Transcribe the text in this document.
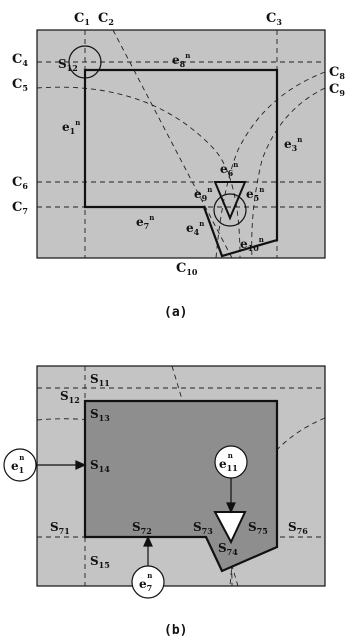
$C_1$ $C_2$	$C_3$
$C_4$
$C_5$
$C_6$
$C_7$
$C_8$
$C_9$
$C_{10}$
$e_8^n$
$e_1^n$
$e_3^n$
$e_6^n$
$e_9^n$	$e_5^n$
$e_7^n$
$e_4^n$
$e_{10}^n$
$S_{12}$
(a)
$S_{11}$
$S_{12}$
$S_{13}$
$S_{14}$
$S_{71}$	$S_{72}$	$S_{73}$	$S_{75}$ $S_{76}$
$S_{74}$
$S_{15}$
$e_1n$	$e_{11}n$
$e_7n$
(b)
